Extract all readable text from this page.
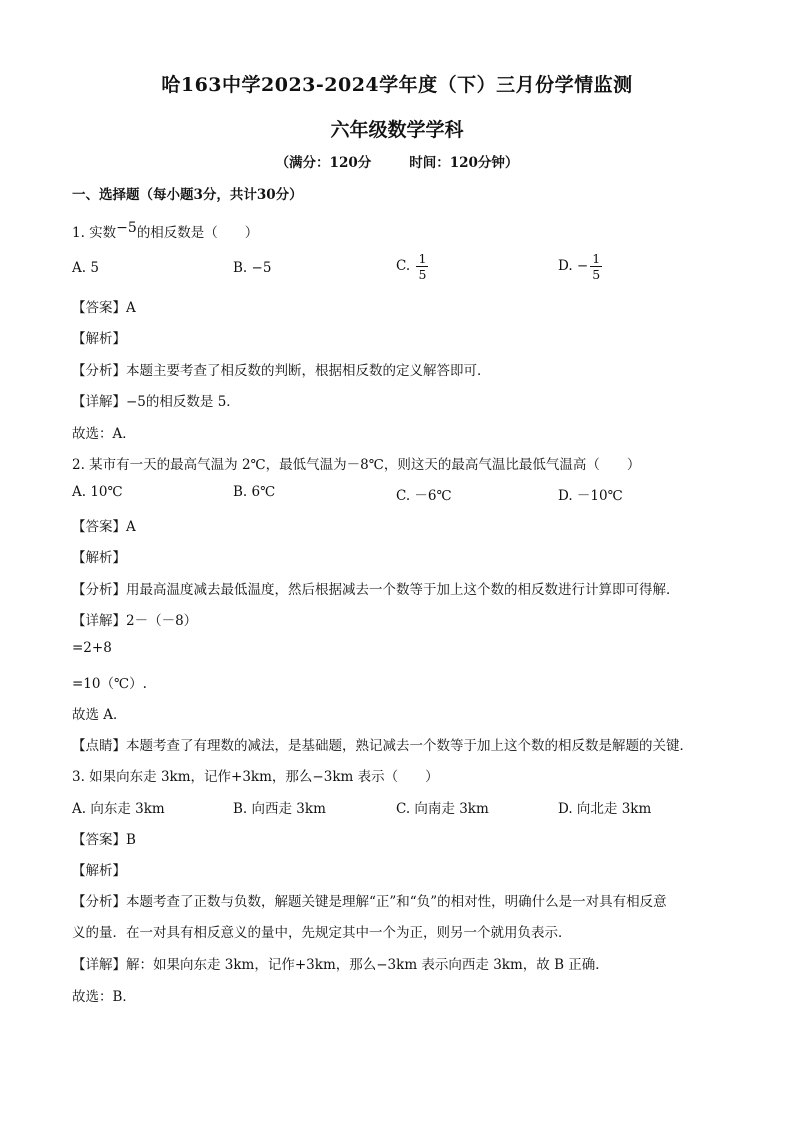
哈163中学2023-2024学年度（下）三月份学情监测
六年级数学学科
（满分：120分	时间：120分钟）
一、选择题（每小题3分，共计30分）
1. 实数−5的相反数是（　　）
A. 5	B. −5	C. $\frac{1}{5}$	D. − $\frac{1}{5}$
【答案】A
【解析】
【分析】本题主要考查了相反数的判断，根据相反数的定义解答即可．
【详解】−5的相反数是 5．
故选：A．
2. 某市有一天的最高气温为 2℃，最低气温为－8℃，则这天的最高气温比最低气温高（　　）
A. 10℃	B. 6℃	C. －6℃	D. －10℃
【答案】A
【解析】
【分析】用最高温度减去最低温度，然后根据减去一个数等于加上这个数的相反数进行计算即可得解．
【详解】2－（－8）
=2+8
=10（℃）.
故选 A．
【点睛】本题考查了有理数的减法，是基础题，熟记减去一个数等于加上这个数的相反数是解题的关键．
3. 如果向东走 3km，记作+3km，那么−3km 表示（　　）
A. 向东走 3km	B. 向西走 3km	C. 向南走 3km	D. 向北走 3km
【答案】B
【解析】
【分析】本题考查了正数与负数，解题关键是理解“正”和“负”的相对性，明确什么是一对具有相反意
义的量．在一对具有相反意义的量中，先规定其中一个为正，则另一个就用负表示．
【详解】解：如果向东走 3km，记作+3km，那么−3km 表示向西走 3km，故 B 正确．
故选：B．
